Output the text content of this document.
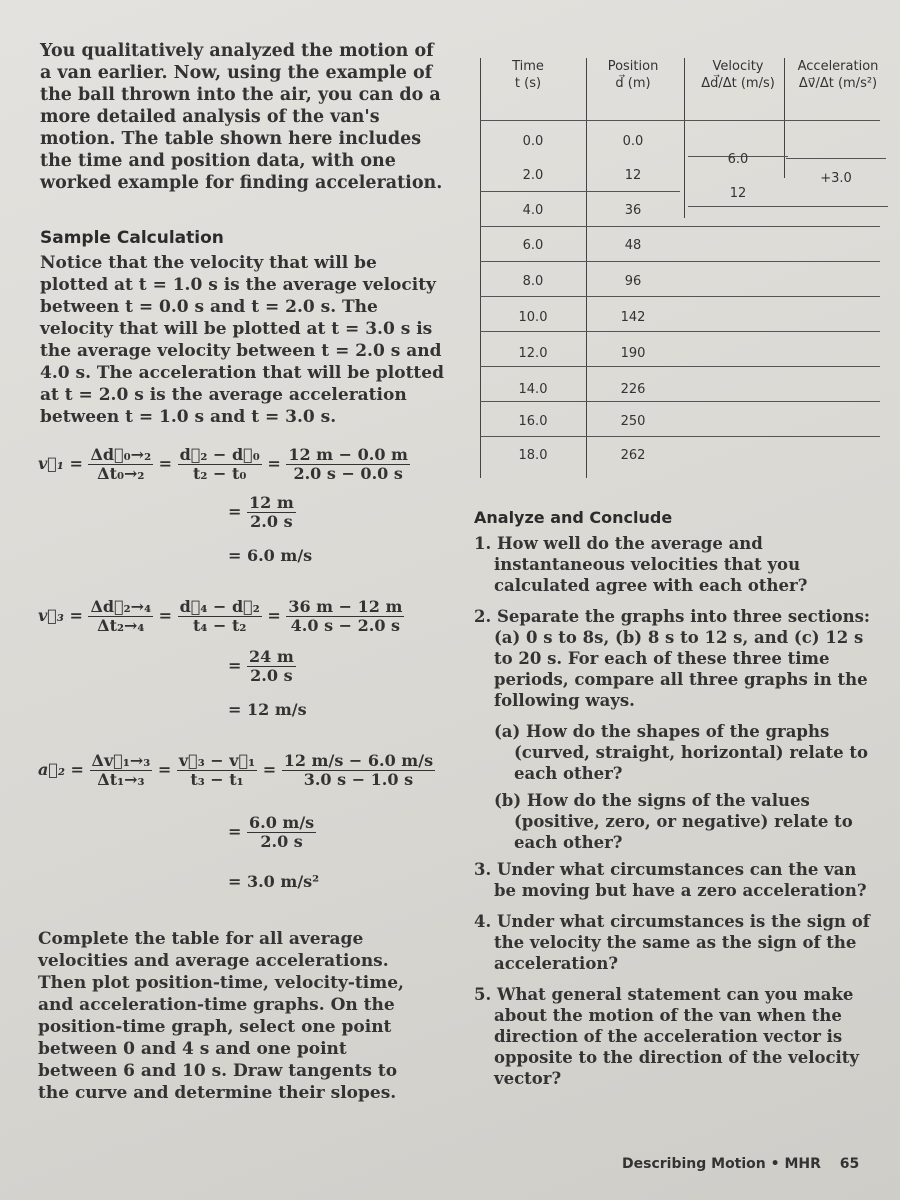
You qualitatively analyzed the motion of a van earlier. Now, using the example of the ball thrown into the air, you can do a more detailed analysis of the van's motion. The table shown here includes the time and position data, with one worked example for finding acceleration.

Sample Calculation

Notice that the velocity that will be plotted at t = 1.0 s is the average velocity between t = 0.0 s and t = 2.0 s. The velocity that will be plotted at t = 3.0 s is the average velocity between t = 2.0 s and 4.0 s. The acceleration that will be plotted at t = 2.0 s is the average acceleration between t = 1.0 s and t = 3.0 s.

v⃗₁ = $\frac{\text{Δd⃗₀→₂}}{\text{Δt₀→₂}} = \frac{\text{d⃗₂ − d⃗₀}}{\text{t₂ − t₀}} = \frac{12 m - 0.0 m}{2.0 s - 0.0 s}$
= $\frac{12 m}{2.0 s}$
= 6.0 m/s
v⃗₃ = $\frac{\text{Δd⃗₂→₄}}{\text{Δt₂→₄}} = \frac{\text{d⃗₄ − d⃗₂}}{\text{t₄ − t₂}} = \frac{36 m - 12 m}{4.0 s - 2.0 s}$
= $\frac{24 m}{2.0 s}$
= 12 m/s
a⃗₂ = $\frac{\text{Δv⃗₁→₃}}{\text{Δt₁→₃}} = \frac{\text{v⃗₃ − v⃗₁}}{\text{t₃ − t₁}} = \frac{12 m/s - 6.0 m/s}{3.0 s - 1.0 s}$
= $\frac{6.0 m/s}{2.0 s}$
= 3.0 m/s²

Complete the table for all average velocities and average accelerations. Then plot position-time, velocity-time, and acceleration-time graphs. On the position-time graph, select one point between 0 and 4 s and one point between 6 and 10 s. Draw tangents to the curve and determine their slopes.

Time
t (s)
Position
d⃗ (m)
Velocity
Δd⃗/Δt (m/s)
Acceleration
Δv⃗/Δt (m/s²)
0.0
2.0
4.0
6.0
8.0
10.0
12.0
14.0
16.0
18.0
0.0
12
36
48
96
142
190
226
250
262
6.0
12
+3.0
Analyze and Conclude

1. How well do the average and instantaneous velocities that you calculated agree with each other?

2. Separate the graphs into three sections: (a) 0 s to 8s, (b) 8 s to 12 s, and (c) 12 s to 20 s. For each of these three time periods, compare all three graphs in the following ways.

(a) How do the shapes of the graphs (curved, straight, horizontal) relate to each other?

(b) How do the signs of the values (positive, zero, or negative) relate to each other?

3. Under what circumstances can the van be moving but have a zero acceleration?

4. Under what circumstances is the sign of the velocity the same as the sign of the acceleration?

5. What general statement can you make about the motion of the van when the direction of the acceleration vector is opposite to the direction of the velocity vector?

Describing Motion • MHR 65
